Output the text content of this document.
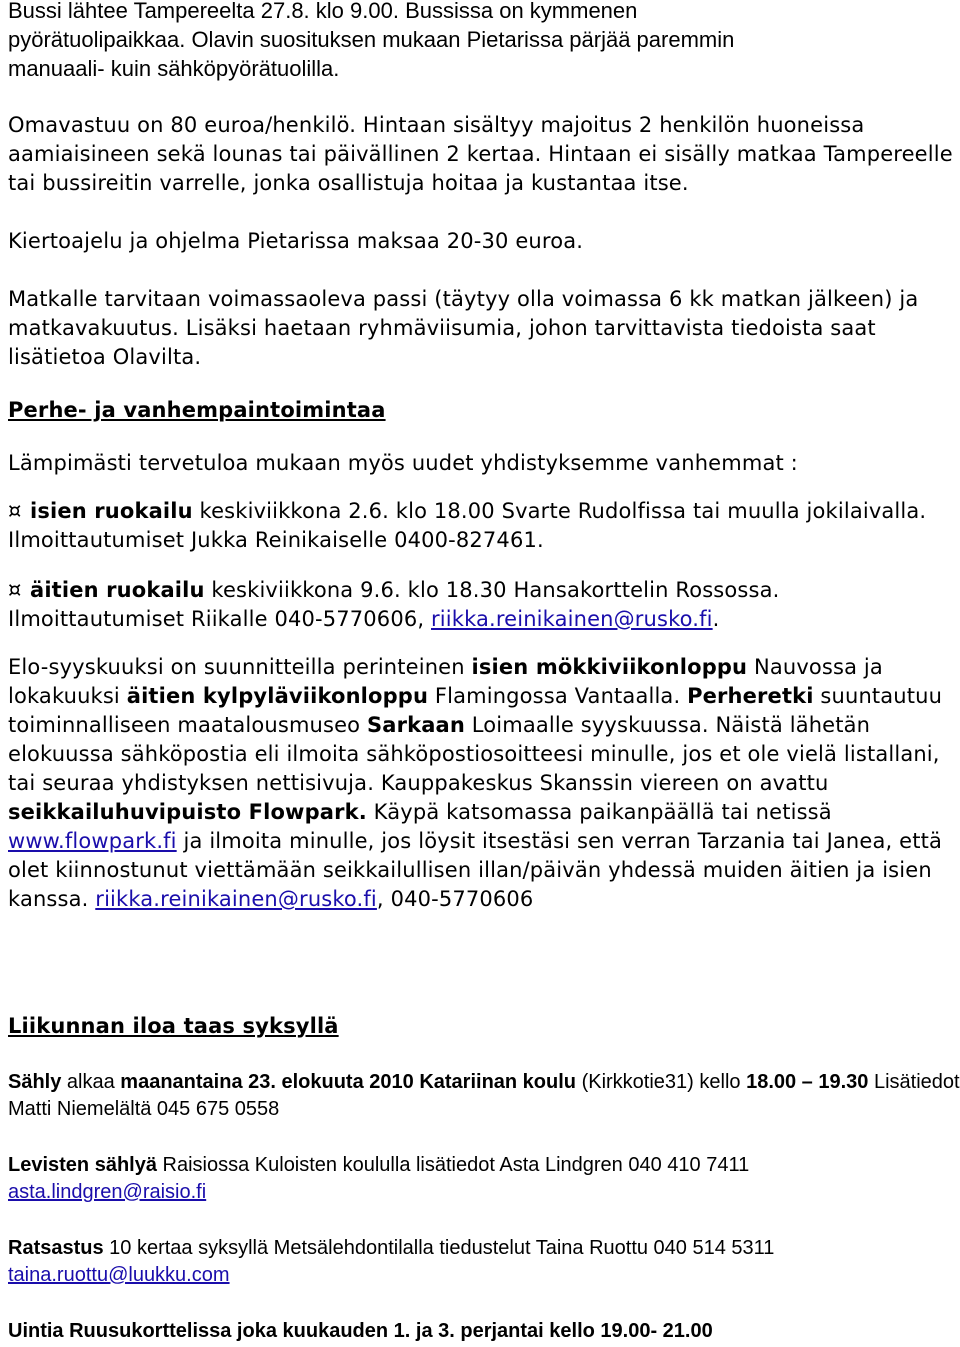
Bussi lähtee Tampereelta 27.8. klo 9.00. Bussissa on kymmenen

pyörätuolipaikkaa. Olavin suosituksen mukaan Pietarissa pärjää paremmin

manuaali- kuin sähköpyörätuolilla.

Omavastuu on 80 euroa/henkilö. Hintaan sisältyy majoitus 2 henkilön huoneissa aamiaisineen sekä lounas tai päivällinen 2 kertaa. Hintaan ei sisälly matkaa Tampereelle tai bussireitin varrelle, jonka osallistuja hoitaa ja kustantaa itse.

Kiertoajelu ja ohjelma Pietarissa maksaa 20-30 euroa.

Matkalle tarvitaan voimassaoleva passi (täytyy olla voimassa 6 kk matkan jälkeen) ja matkavakuutus. Lisäksi haetaan ryhmäviisumia, johon tarvittavista tiedoista saat lisätietoa Olavilta.

Perhe- ja vanhempaintoimintaa

Lämpimästi tervetuloa mukaan myös uudet yhdistyksemme vanhemmat :

¤ isien ruokailu keskiviikkona 2.6. klo 18.00 Svarte Rudolfissa tai muulla jokilaivalla. Ilmoittautumiset Jukka Reinikaiselle 0400-827461.

¤ äitien ruokailu keskiviikkona 9.6. klo 18.30 Hansakorttelin Rossossa. Ilmoittautumiset Riikalle 040-5770606, riikka.reinikainen@rusko.fi.

Elo-syyskuuksi on suunnitteilla perinteinen isien mökkiviikonloppu Nauvossa ja lokakuuksi äitien kylpyläviikonloppu Flamingossa Vantaalla. Perheretki suuntautuu toiminnalliseen maatalousmuseo Sarkaan Loimaalle syyskuussa. Näistä lähetän elokuussa sähköpostia eli ilmoita sähköpostiosoitteesi minulle, jos et ole vielä listallani, tai seuraa yhdistyksen nettisivuja. Kauppakeskus Skanssin viereen on avattu seikkailuhuvipuisto Flowpark. Käypä katsomassa paikanpäällä tai netissä www.flowpark.fi ja ilmoita minulle, jos löysit itsestäsi sen verran Tarzania tai Janea, että olet kiinnostunut viettämään seikkailullisen illan/päivän yhdessä muiden äitien ja isien kanssa. riikka.reinikainen@rusko.fi, 040-5770606

Liikunnan iloa taas syksyllä

Sähly alkaa maanantaina 23. elokuuta 2010 Katariinan koulu (Kirkkotie31) kello 18.00 – 19.30 Lisätiedot Matti Niemelältä 045 675 0558

Levisten sählyä Raisiossa Kuloisten koululla lisätiedot Asta Lindgren 040 410 7411
asta.lindgren@raisio.fi

Ratsastus 10 kertaa syksyllä Metsälehdontilalla tiedustelut Taina Ruottu 040 514 5311
taina.ruottu@luukku.com

Uintia Ruusukorttelissa joka kuukauden 1. ja 3. perjantai kello 19.00- 21.00
